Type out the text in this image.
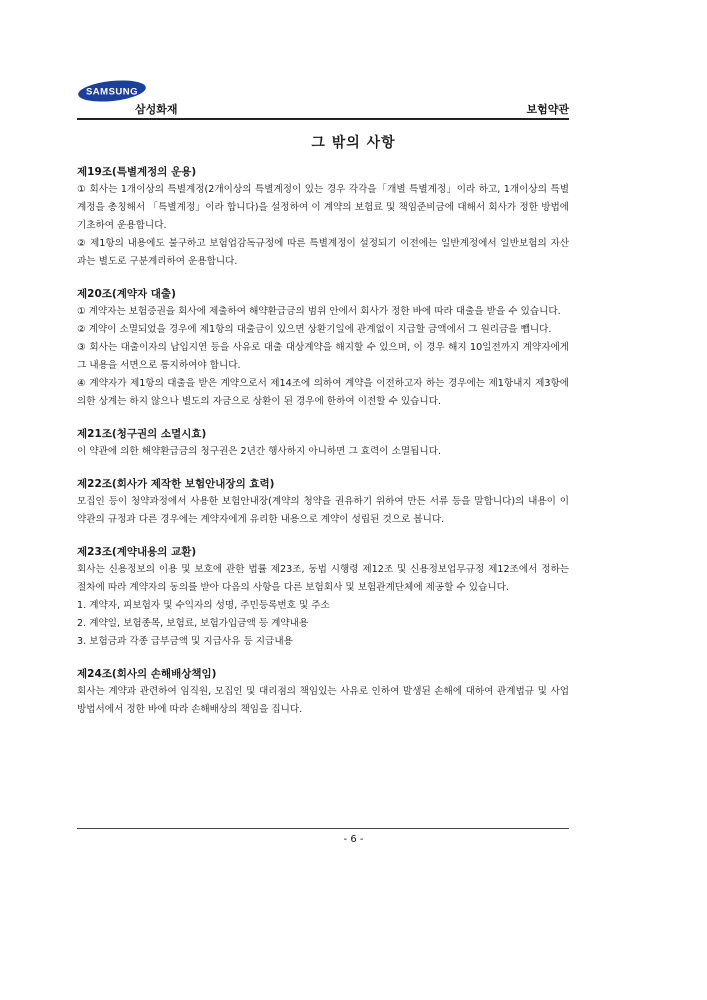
SAMSUNG
삼성화재	보험약관
그 밖의 사항
제19조(특별계정의 운용)
① 회사는 1개이상의 특별계정(2개이상의 특별계정이 있는 경우 각각을「개별 특별계정」이라 하고, 1개이상의 특별계정을 총칭해서 「특별계정」이라 합니다)을 설정하여 이 계약의 보험료 및 책임준비금에 대해서 회사가 정한 방법에 기초하여 운용합니다.
② 제1항의 내용에도 불구하고 보험업감독규정에 따른 특별계정이 설정되기 이전에는 일반계정에서 일반보험의 자산과는 별도로 구분계리하여 운용합니다.
제20조(계약자 대출)
① 계약자는 보험증권을 회사에 제출하여 해약환급금의 범위 안에서 회사가 정한 바에 따라 대출을 받을 수 있습니다.
② 계약이 소멸되었을 경우에 제1항의 대출금이 있으면 상환기일에 관계없이 지급할 금액에서 그 원리금을 뺍니다.
③ 회사는 대출이자의 납입지연 등을 사유로 대출 대상계약을 해지할 수 있으며, 이 경우 해지 10일전까지 계약자에게 그 내용을 서면으로 통지하여야 합니다.
④ 계약자가 제1항의 대출을 받은 계약으로서 제14조에 의하여 계약을 이전하고자 하는 경우에는 제1항내지 제3항에 의한 상계는 하지 않으나 별도의 자금으로 상환이 된 경우에 한하여 이전할 수 있습니다.
제21조(청구권의 소멸시효)
이 약관에 의한 해약환급금의 청구권은 2년간 행사하지 아니하면 그 효력이 소멸됩니다.
제22조(회사가 제작한 보험안내장의 효력)
모집인 등이 청약과정에서 사용한 보험안내장(계약의 청약을 권유하기 위하여 만든 서류 등을 말합니다)의 내용이 이 약관의 규정과 다른 경우에는 계약자에게 유리한 내용으로 계약이 성립된 것으로 봅니다.
제23조(계약내용의 교환)
회사는 신용정보의 이용 및 보호에 관한 법률 제23조, 동법 시행령 제12조 및 신용정보업무규정 제12조에서 정하는 절차에 따라 계약자의 동의를 받아 다음의 사항을 다른 보험회사 및 보험관계단체에 제공할 수 있습니다.
1. 계약자, 피보험자 및 수익자의 성명, 주민등록번호 및 주소
2. 계약일, 보험종목, 보험료, 보험가입금액 등 계약내용
3. 보험금과 각종 급부금액 및 지급사유 등 지급내용
제24조(회사의 손해배상책임)
회사는 계약과 관련하여 임직원, 모집인 및 대리점의 책임있는 사유로 인하여 발생된 손해에 대하여 관계법규 및 사업방법서에서 정한 바에 따라 손해배상의 책임을 집니다.
- 6 -
